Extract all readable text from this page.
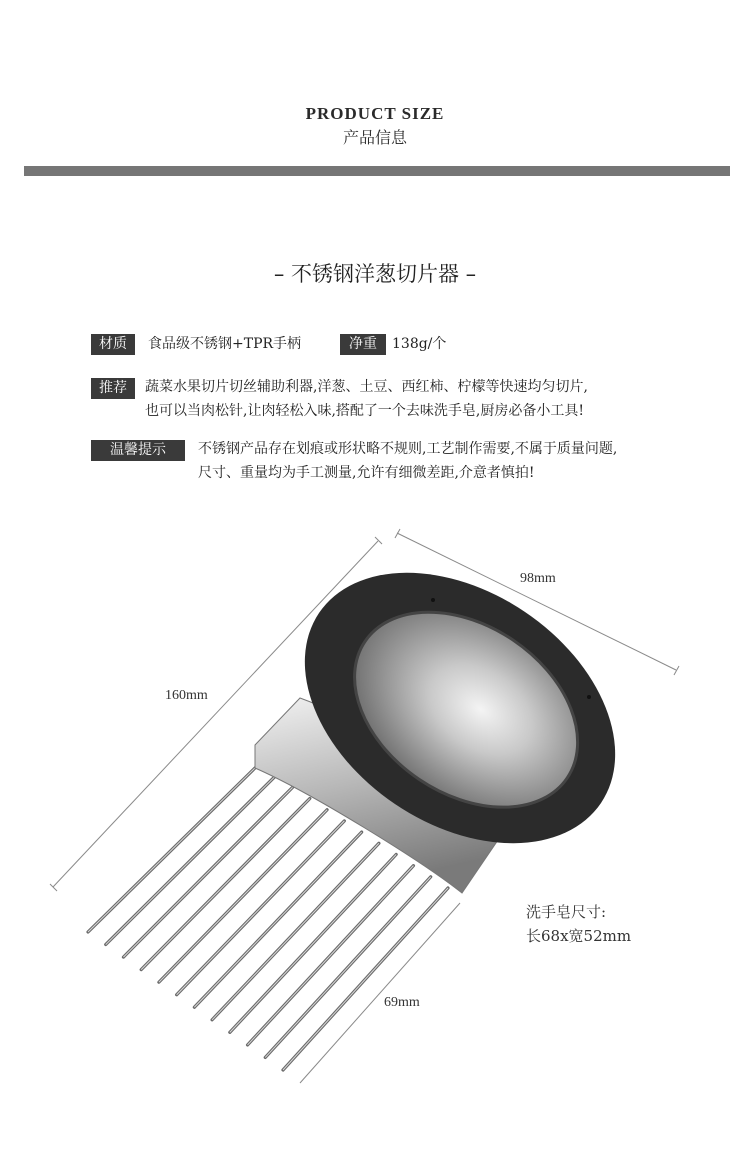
PRODUCT SIZE
产品信息
– 不锈钢洋葱切片器 –
材质	食品级不锈钢+TPR手柄	净重	138g/个
推荐	蔬菜水果切片切丝辅助利器,洋葱、土豆、西红柿、柠檬等快速均匀切片,
也可以当肉松针,让肉轻松入味,搭配了一个去味洗手皂,厨房必备小工具!
温馨提示	不锈钢产品存在划痕或形状略不规则,工艺制作需要,不属于质量问题,
尺寸、重量均为手工测量,允许有细微差距,介意者慎拍!
160mm
98mm
69mm
洗手皂尺寸:
长68x宽52mm
